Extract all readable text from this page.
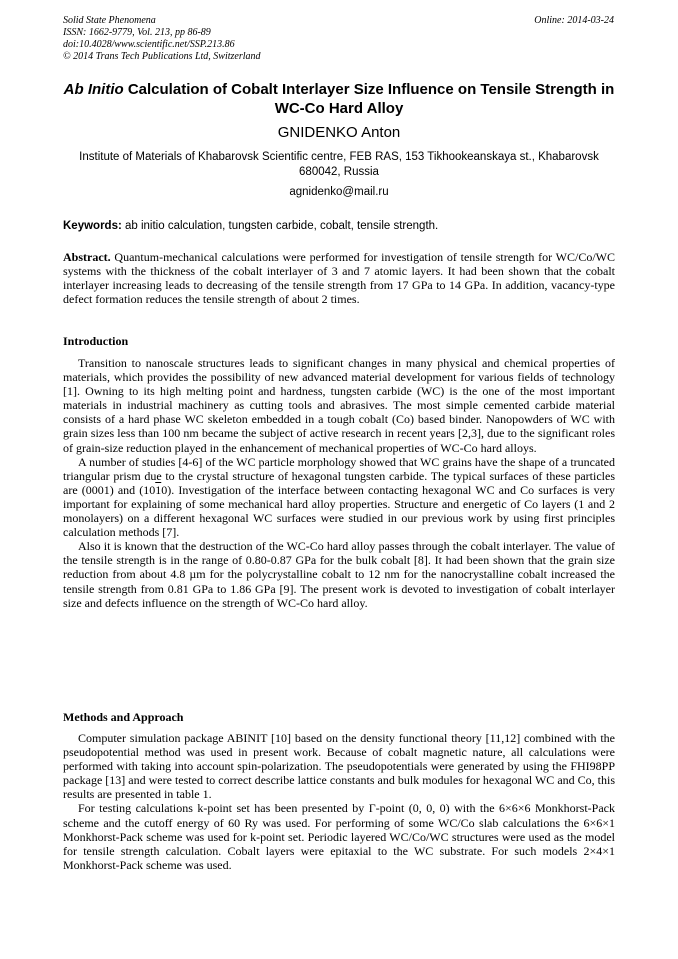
Solid State Phenomena
ISSN: 1662-9779, Vol. 213, pp 86-89
doi:10.4028/www.scientific.net/SSP.213.86
© 2014 Trans Tech Publications Ltd, Switzerland
Online: 2014-03-24
Ab Initio Calculation of Cobalt Interlayer Size Influence on Tensile Strength in WC-Co Hard Alloy
GNIDENKO Anton
Institute of Materials of Khabarovsk Scientific centre, FEB RAS, 153 Tikhookeanskaya st., Khabarovsk 680042, Russia
agnidenko@mail.ru
Keywords: ab initio calculation, tungsten carbide, cobalt, tensile strength.

Abstract. Quantum-mechanical calculations were performed for investigation of tensile strength for WC/Co/WC systems with the thickness of the cobalt interlayer of 3 and 7 atomic layers. It had been shown that the cobalt interlayer increasing leads to decreasing of the tensile strength from 17 GPa to 14 GPa. In addition, vacancy-type defect formation reduces the tensile strength of about 2 times.

Introduction

Transition to nanoscale structures leads to significant changes in many physical and chemical properties of materials, which provides the possibility of new advanced material development for various fields of technology [1]. Owning to its high melting point and hardness, tungsten carbide (WC) is the one of the most important materials in industrial machinery as cutting tools and abrasives. The most simple cemented carbide material consists of a hard phase WC skeleton embedded in a tough cobalt (Co) based binder. Nanopowders of WC with grain sizes less than 100 nm became the subject of active research in recent years [2,3], due to the significant roles of grain-size reduction played in the enhancement of mechanical properties of WC-Co hard alloys.

A number of studies [4-6] of the WC particle morphology showed that WC grains have the shape of a truncated triangular prism due to the crystal structure of hexagonal tungsten carbide. The typical surfaces of these particles are (0001) and (1010). Investigation of the interface between contacting hexagonal WC and Co surfaces is very important for explaining of some mechanical hard alloy properties. Structure and energetic of Co layers (1 and 2 monolayers) on a different hexagonal WC surfaces were studied in our previous work by using first principles calculation methods [7].

Also it is known that the destruction of the WC-Co hard alloy passes through the cobalt interlayer. The value of the tensile strength is in the range of 0.80-0.87 GPa for the bulk cobalt [8]. It had been shown that the grain size reduction from about 4.8 µm for the polycrystalline cobalt to 12 nm for the nanocrystalline cobalt increased the tensile strength from 0.81 GPa to 1.86 GPa [9]. The present work is devoted to investigation of cobalt interlayer size and defects influence on the strength of WC-Co hard alloy.

Methods and Approach

Computer simulation package ABINIT [10] based on the density functional theory [11,12] combined with the pseudopotential method was used in present work. Because of cobalt magnetic nature, all calculations were performed with taking into account spin-polarization. The pseudopotentials were generated by using the FHI98PP package [13] and were tested to correct describe lattice constants and bulk modules for hexagonal WC and Co, this results are presented in table 1.

For testing calculations k-point set has been presented by Γ-point (0, 0, 0) with the 6×6×6 Monkhorst-Pack scheme and the cutoff energy of 60 Ry was used. For performing of some WC/Co slab calculations the 6×6×1 Monkhorst-Pack scheme was used for k-point set. Periodic layered WC/Co/WC structures were used as the model for tensile strength calculation. Cobalt layers were epitaxial to the WC substrate. For such models 2×4×1 Monkhorst-Pack scheme was used.
